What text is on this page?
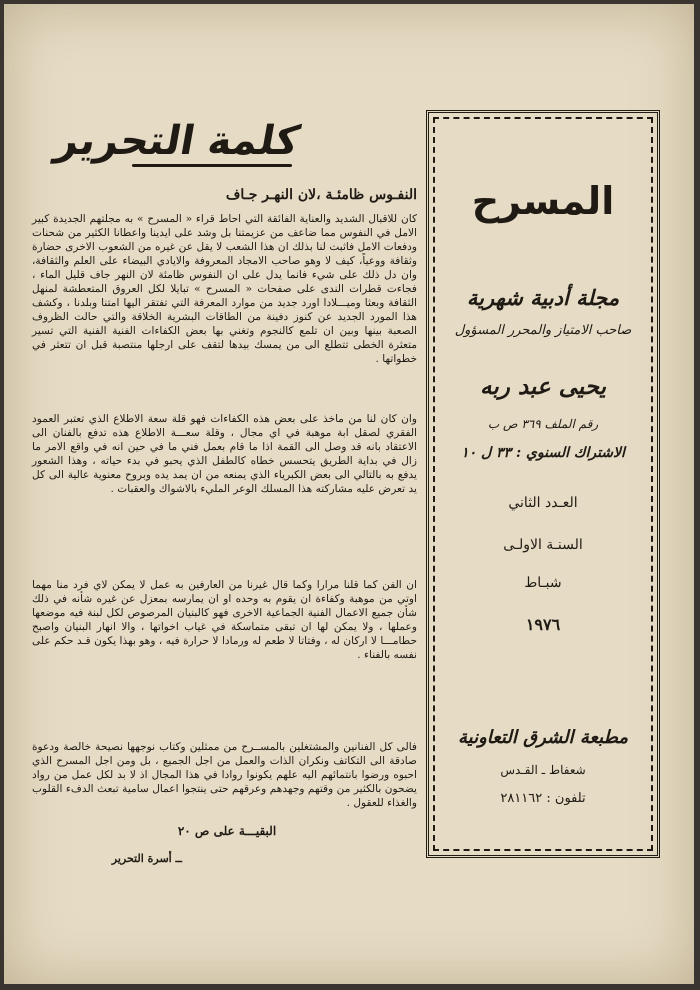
كلمة التحرير
النفـوس ظامئـة ،لان النهـر جـاف

كان للاقبال الشديد والعناية الفائقة التي احاط قراء « المسرح » به مجلتهم الجديدة كبير الامل في النفوس مما ضاعف من عزيمتنا بل وشد على ايدينا واعطانا الكثير من شحنات ودفعات الامل فاثبت لنا بذلك ان هذا الشعب لا يقل عن غيره من الشعوب الاخرى حضارة وثقافة ووعياً، كيف لا وهو صاحب الامجاد المعروفة والايادي البيضاء على العلم والثقافة، وان دل ذلك على شيء فانما يدل على ان النفوس ظامئة لان النهر جاف قليل الماء ، فجاءت قطرات الندى على صفحات « المسرح » تبايلا لكل العروق المتعطشة لمنهل الثقافة وبعثا وميـــلادا اورد جديد من موارد المعرفة التي تفتقر اليها امتنا وبلدنا ، وكشف هذا المورد الجديد عن كنوز دفينة من الطاقات البشرية الخلاقة والتي حالت الظروف الصعبة بينها وبين ان تلمع كالنجوم وتغني بها بعض الكفاءات الفنية الفنية التي تسير متعثرة الخطى تتطلع الى من يمسك بيدها لتقف على ارجلها منتصبة قبل ان تتعثر في خطواتها .

وان كان لنا من ماخذ على بعض هذه الكفاءات فهو قلة سعة الاطلاع الذي تعتبر العمود الفقري لصقل ابة موهبة في اي مجال ، وقلة سعـــة الاطلاع هذه تدفع بالفنان الى الاعتقاد بانه قد وصل الى القمة اذا ما قام بعمل فني ما في حين انه في واقع الامر ما زال في بداية الطريق يتحسس خطاه كالطفل الذي يحبو في بدء حياته ، وهذا الشعور يدفع به بالتالي الى بعض الكبرياء الذي يمنعه من ان يمد يده وبروح معنوية عالية الى كل يد تعرض عليه مشاركته هذا المسلك الوعر المليء بالاشواك والعقبات .

ان الفن كما قلنا مرارا وكما قال غيرنا من العارفين به عمل لا يمكن لاي فرد منا مهما اوتي من موهبة وكفاءة ان يقوم به وحده او ان يمارسه بمعزل عن غيره شأنه في ذلك شأن جميع الاعمال الفنية الجماعية الاخرى فهو كالبنيان المرصوص لكل لبنة فيه موضعها وعملها ، ولا يمكن لها ان تبقى متماسكة في غياب اخواتها ، والا انهار البنيان واصبح حطامـــا لا اركان له ، وفتاتا لا طعم له ورمادا لا حرارة فيه ، وهو بهذا يكون قـد حكم على نفسه بالفناء .

فالى كل الفنانين والمشتغلين بالمســرح من ممثلين وكتاب نوجهها نصيحة خالصة ودعوة صادقة الى التكاتف ونكران الذات والعمل من اجل الجميع ، بل ومن اجل المسرح الذي احبوه ورضوا بانتمائهم اليه علهم يكونوا روادا في هذا المجال اذ لا بد لكل عمل من رواد يضحون بالكثير من وقتهم وجهدهم وعرقهم حتى ينتجوا اعمال سامية تبعث الدفء القلوب والغذاء للعقول .

البقيـــة على ص ٢٠
ــ أسرة التحرير
المسرح
مجلة أدبية شهرية
صاحب الامتياز والمحرر المسؤول
يحيى عبد ربه
رقم الملف ٣٦٩ ص ب
الاشتراك السنوي : ٣٣ ل ١٠
العـدد الثاني
السنـة الاولـى
شبـاط
١٩٧٦
مطبعة الشرق التعاونية
شعفاط ـ القـدس
تلفون : ٢٨١١٦٢
